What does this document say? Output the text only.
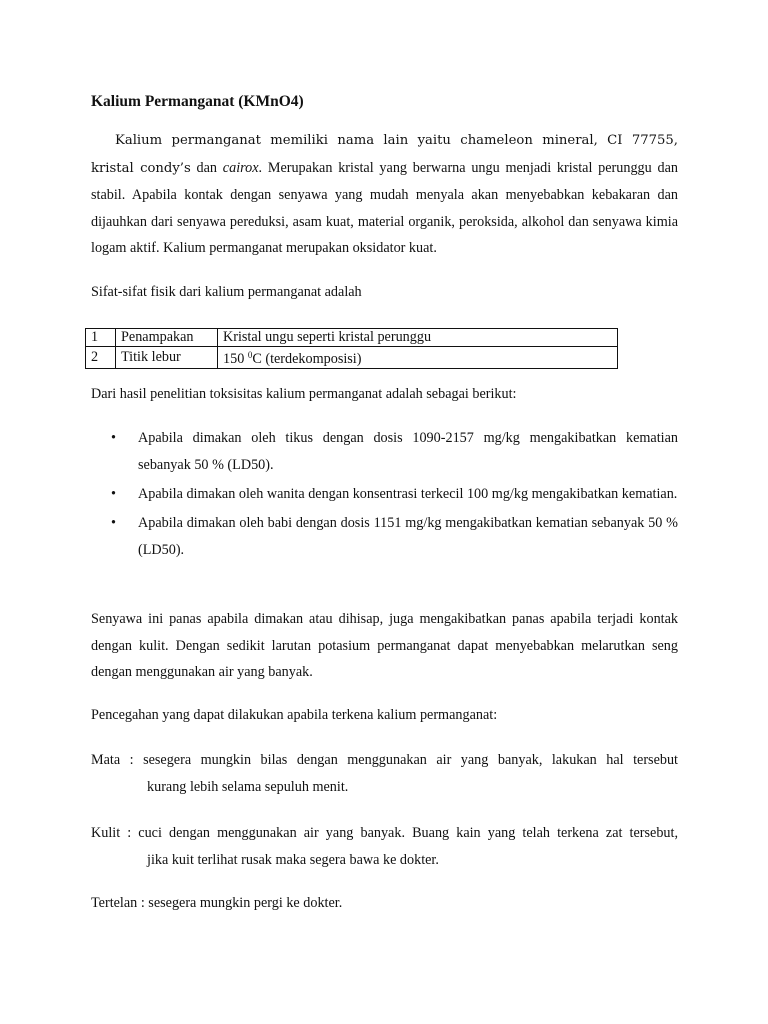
Kalium Permanganat (KMnO4)

Kalium permanganat memiliki nama lain yaitu chameleon mineral, CI 77755, kristal condy’s dan cairox. Merupakan kristal yang berwarna ungu menjadi kristal perunggu dan stabil. Apabila kontak dengan senyawa yang mudah menyala akan menyebabkan kebakaran dan dijauhkan dari senyawa pereduksi, asam kuat, material organik, peroksida, alkohol dan senyawa kimia logam aktif. Kalium permanganat merupakan oksidator kuat.

Sifat-sifat fisik dari kalium permanganat adalah

1	Penampakan	Kristal ungu seperti kristal perunggu
2	Titik lebur	150 $^0$C (terdekomposisi)

Dari hasil penelitian toksisitas kalium permanganat adalah sebagai berikut:

• Apabila dimakan oleh tikus dengan dosis 1090-2157 mg/kg mengakibatkan kematian sebanyak 50 % (LD50).
• Apabila dimakan oleh wanita dengan konsentrasi terkecil 100 mg/kg mengakibatkan kematian.
• Apabila dimakan oleh babi dengan dosis 1151 mg/kg mengakibatkan kematian sebanyak 50 % (LD50).

Senyawa ini panas apabila dimakan atau dihisap, juga mengakibatkan panas apabila terjadi kontak dengan kulit. Dengan sedikit larutan potasium permanganat dapat menyebabkan melarutkan seng dengan menggunakan air yang banyak.

Pencegahan yang dapat dilakukan apabila terkena kalium permanganat:

Mata : sesegera mungkin bilas dengan menggunakan air yang banyak, lakukan hal tersebut
kurang lebih selama sepuluh menit.
Kulit : cuci dengan menggunakan air yang banyak. Buang kain yang telah terkena zat tersebut,
jika kuit terlihat rusak maka segera bawa ke dokter.

Tertelan : sesegera mungkin pergi ke dokter.
